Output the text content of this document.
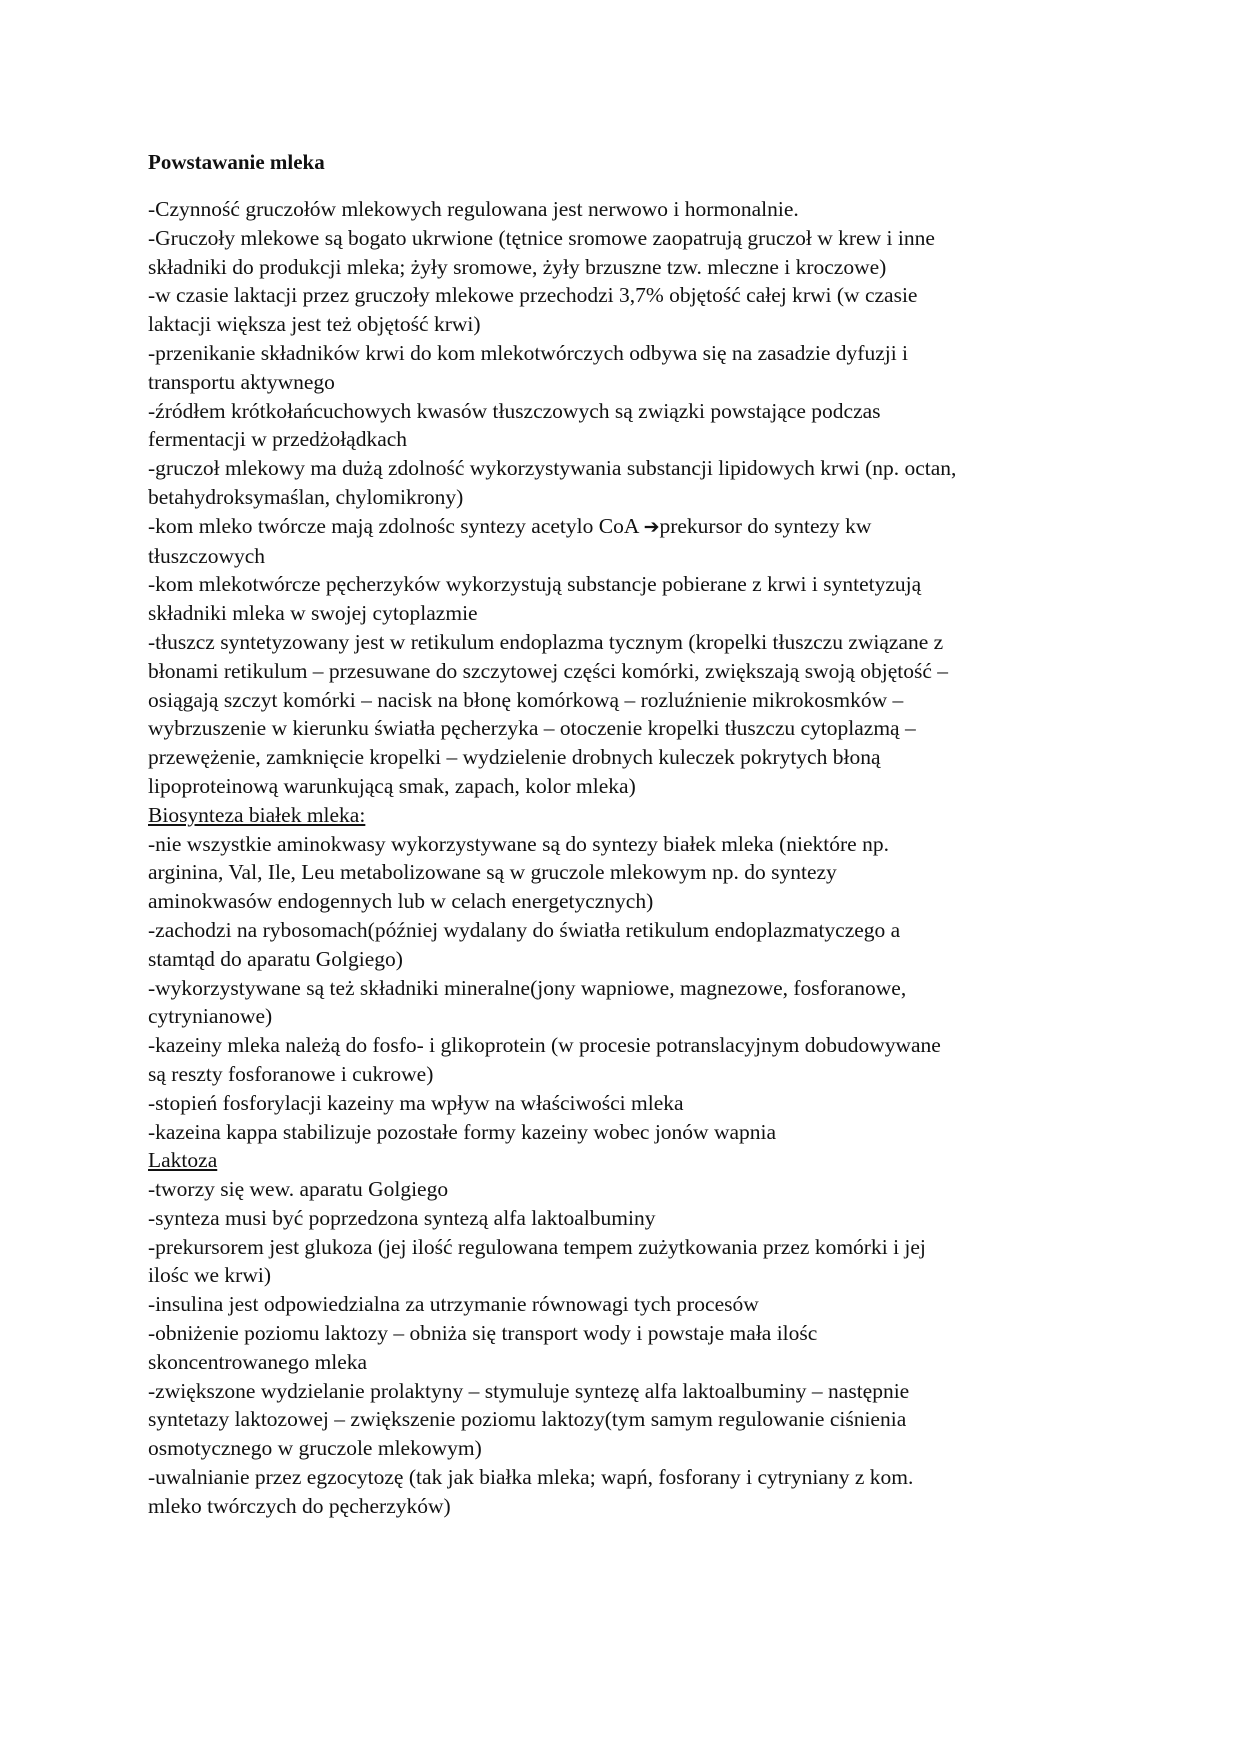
Powstawanie mleka
-Czynność gruczołów mlekowych regulowana jest nerwowo i hormonalnie.
-Gruczoły mlekowe są bogato ukrwione (tętnice sromowe zaopatrują gruczoł w krew i inne
składniki do produkcji mleka; żyły sromowe, żyły brzuszne tzw. mleczne i kroczowe)
-w czasie laktacji przez gruczoły mlekowe przechodzi 3,7% objętość całej krwi (w czasie
laktacji większa jest też objętość krwi)
-przenikanie składników krwi do kom mlekotwórczych odbywa się na zasadzie dyfuzji i
transportu aktywnego
-źródłem krótkołańcuchowych kwasów tłuszczowych są związki powstające podczas
fermentacji w przedżołądkach
-gruczoł mlekowy ma dużą zdolność wykorzystywania substancji lipidowych krwi (np. octan,
betahydroksymaślan, chylomikrony)
-kom mleko twórcze mają zdolnośc syntezy acetylo CoA ➔prekursor do syntezy kw
tłuszczowych
-kom mlekotwórcze pęcherzyków wykorzystują substancje pobierane z krwi i syntetyzują
składniki mleka w swojej cytoplazmie
-tłuszcz syntetyzowany jest w retikulum endoplazma tycznym (kropelki tłuszczu związane z
błonami retikulum – przesuwane do szczytowej części komórki, zwiększają swoją objętość –
osiągają szczyt komórki – nacisk na błonę komórkową – rozluźnienie mikrokosmków –
wybrzuszenie w kierunku światła pęcherzyka – otoczenie kropelki tłuszczu cytoplazmą –
przewężenie, zamknięcie kropelki – wydzielenie drobnych kuleczek pokrytych błoną
lipoproteinową warunkującą smak, zapach, kolor mleka)
Biosynteza białek mleka:
-nie wszystkie aminokwasy wykorzystywane są do syntezy białek mleka (niektóre np.
arginina, Val, Ile, Leu metabolizowane są w gruczole mlekowym np. do syntezy
aminokwasów endogennych lub w celach energetycznych)
-zachodzi na rybosomach(później wydalany do światła retikulum endoplazmatyczego a
stamtąd do aparatu Golgiego)
-wykorzystywane są też składniki mineralne(jony wapniowe, magnezowe, fosforanowe,
cytrynianowe)
-kazeiny mleka należą do fosfo- i glikoprotein (w procesie potranslacyjnym dobudowywane
są reszty fosforanowe i cukrowe)
-stopień fosforylacji kazeiny ma wpływ na właściwości mleka
-kazeina kappa stabilizuje pozostałe formy kazeiny wobec jonów wapnia
Laktoza
-tworzy się wew. aparatu Golgiego
-synteza musi być poprzedzona syntezą alfa laktoalbuminy
-prekursorem jest glukoza (jej ilość regulowana tempem zużytkowania przez komórki i jej
ilośc we krwi)
-insulina jest odpowiedzialna za utrzymanie równowagi tych procesów
-obniżenie poziomu laktozy – obniża się transport wody i powstaje mała ilośc
skoncentrowanego mleka
-zwiększone wydzielanie prolaktyny – stymuluje syntezę alfa laktoalbuminy – następnie
syntetazy laktozowej – zwiększenie poziomu laktozy(tym samym regulowanie ciśnienia
osmotycznego w gruczole mlekowym)
-uwalnianie przez egzocytozę (tak jak białka mleka; wapń, fosforany i cytryniany z kom.
mleko twórczych do pęcherzyków)
